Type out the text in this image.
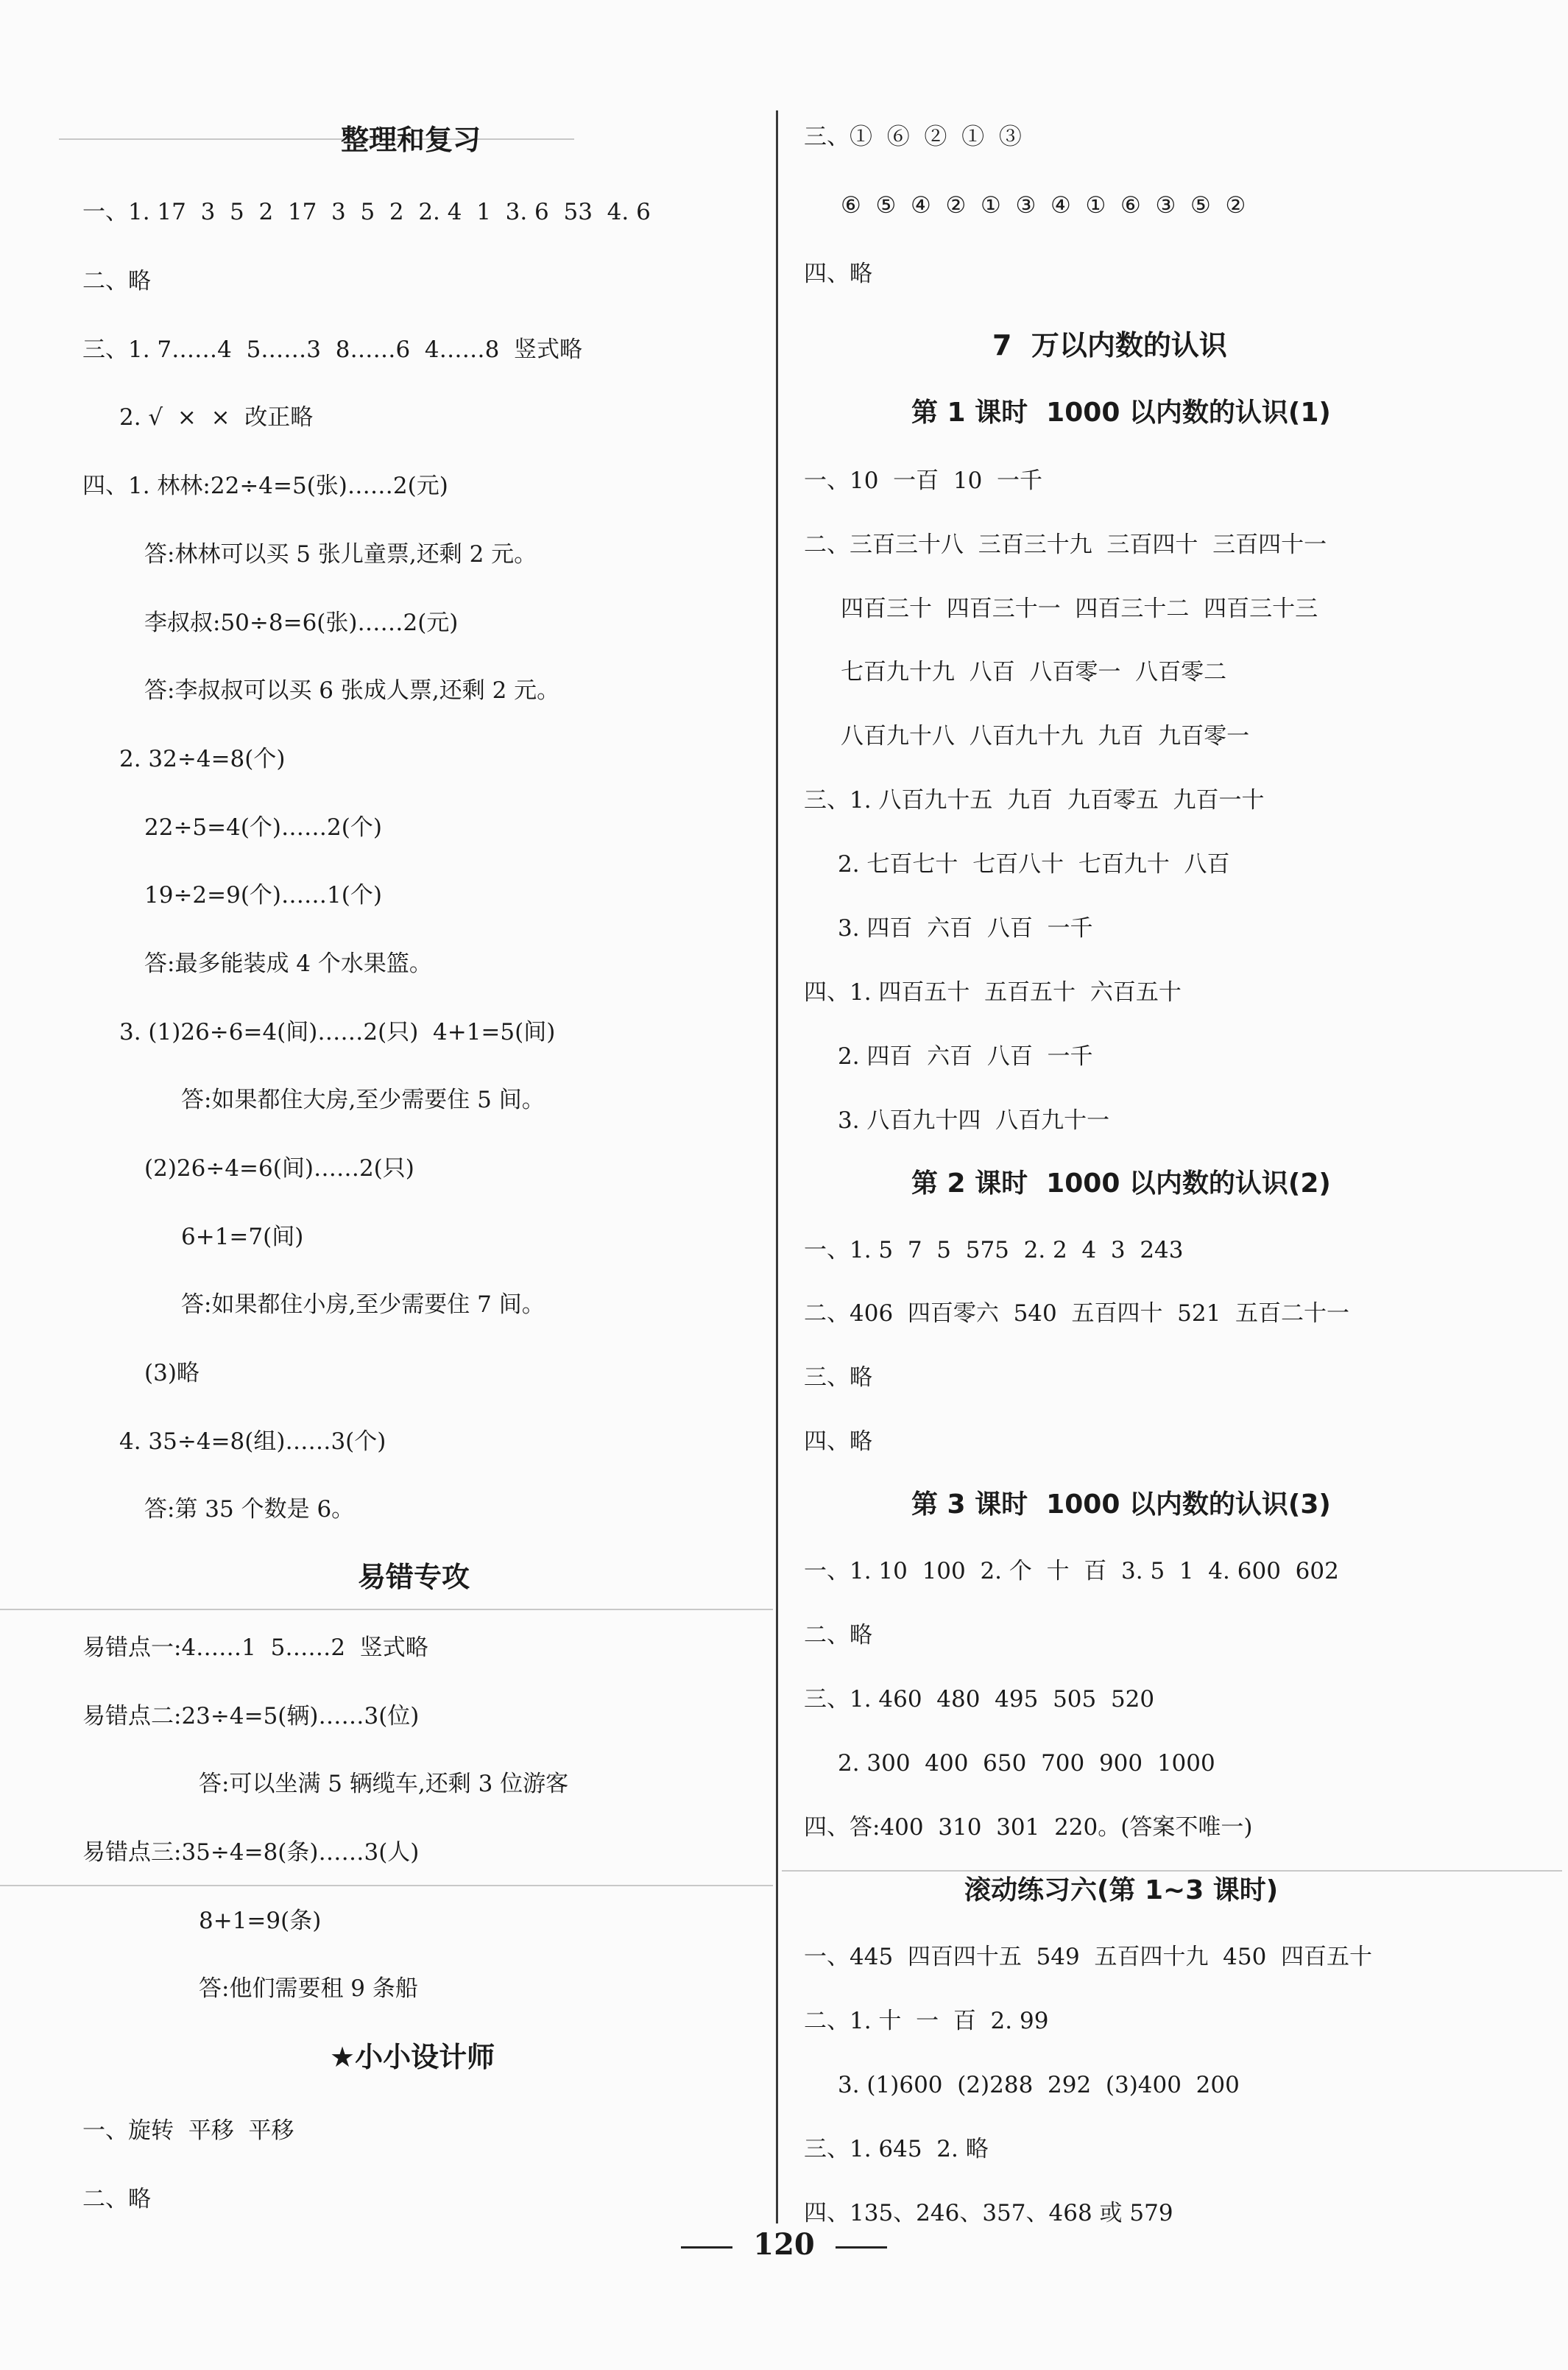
整理和复习
一、1. 17  3  5  2  17  3  5  2  2. 4  1  3. 6  53  4. 6
二、略
三、1. 7……4  5……3  8……6  4……8  竖式略
2. √  ×  ×  改正略
四、1. 林林:22÷4=5(张)……2(元)
答:林林可以买 5 张儿童票,还剩 2 元。
李叔叔:50÷8=6(张)……2(元)
答:李叔叔可以买 6 张成人票,还剩 2 元。
2. 32÷4=8(个)
22÷5=4(个)……2(个)
19÷2=9(个)……1(个)
答:最多能装成 4 个水果篮。
3. (1)26÷6=4(间)……2(只)  4+1=5(间)
答:如果都住大房,至少需要住 5 间。
(2)26÷4=6(间)……2(只)
6+1=7(间)
答:如果都住小房,至少需要住 7 间。
(3)略
4. 35÷4=8(组)……3(个)
答:第 35 个数是 6。
易错专攻
易错点一:4……1  5……2  竖式略
易错点二:23÷4=5(辆)……3(位)
答:可以坐满 5 辆缆车,还剩 3 位游客
易错点三:35÷4=8(条)……3(人)
8+1=9(条)
答:他们需要租 9 条船
★小小设计师
一、旋转  平移  平移
二、略
三、①  ⑥  ②  ①  ③
⑥  ⑤  ④  ②  ①  ③  ④  ①  ⑥  ③  ⑤  ②
四、略
7  万以内数的认识
第 1 课时  1000 以内数的认识(1)
一、10  一百  10  一千
二、三百三十八  三百三十九  三百四十  三百四十一
四百三十  四百三十一  四百三十二  四百三十三
七百九十九  八百  八百零一  八百零二
八百九十八  八百九十九  九百  九百零一
三、1. 八百九十五  九百  九百零五  九百一十
2. 七百七十  七百八十  七百九十  八百
3. 四百  六百  八百  一千
四、1. 四百五十  五百五十  六百五十
2. 四百  六百  八百  一千
3. 八百九十四  八百九十一
第 2 课时  1000 以内数的认识(2)
一、1. 5  7  5  575  2. 2  4  3  243
二、406  四百零六  540  五百四十  521  五百二十一
三、略
四、略
第 3 课时  1000 以内数的认识(3)
一、1. 10  100  2. 个  十  百  3. 5  1  4. 600  602
二、略
三、1. 460  480  495  505  520
2. 300  400  650  700  900  1000
四、答:400  310  301  220。(答案不唯一)
滚动练习六(第 1~3 课时)
一、445  四百四十五  549  五百四十九  450  四百五十
二、1. 十  一  百  2. 99
3. (1)600  (2)288  292  (3)400  200
三、1. 645  2. 略
四、135、246、357、468 或 579
120
